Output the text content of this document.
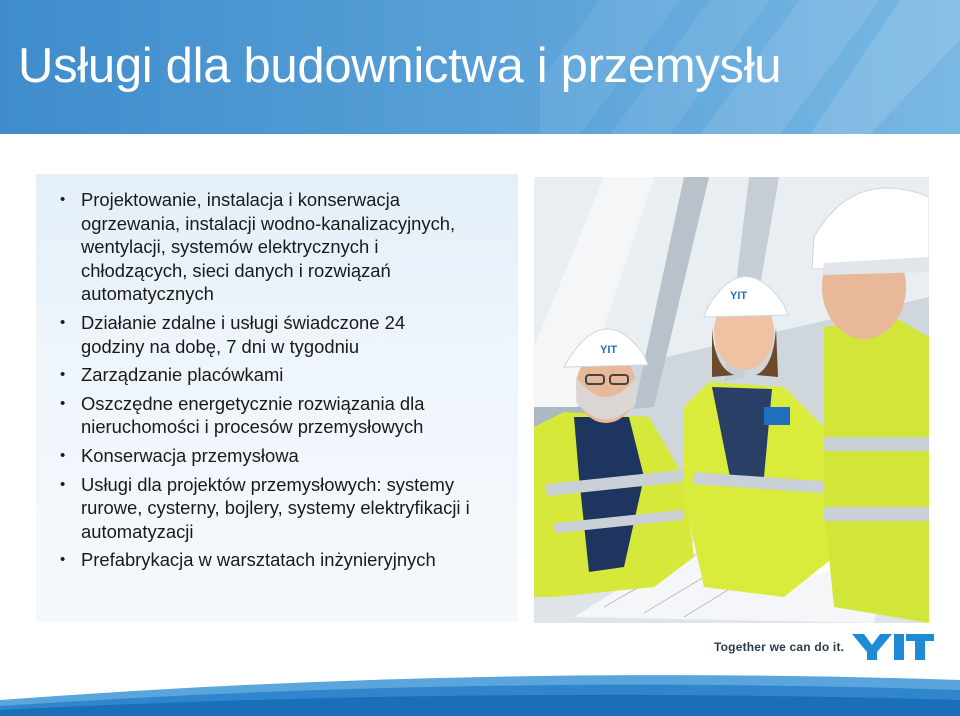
Usługi dla budownictwa i przemysłu
• Projektowanie, instalacja i konserwacja ogrzewania, instalacji wodno-kanalizacyjnych, wentylacji, systemów elektrycznych i chłodzących, sieci danych i rozwiązań automatycznych
• Działanie zdalne i usługi świadczone 24 godziny na dobę, 7 dni w tygodniu
• Zarządzanie placówkami
• Oszczędne energetycznie rozwiązania dla nieruchomości i procesów przemysłowych
• Konserwacja przemysłowa
• Usługi dla projektów przemysłowych: systemy rurowe, cysterny, bojlery, systemy elektryfikacji i automatyzacji
• Prefabrykacja w warsztatach inżynieryjnych
YIT
YIT
Together we can do it.
